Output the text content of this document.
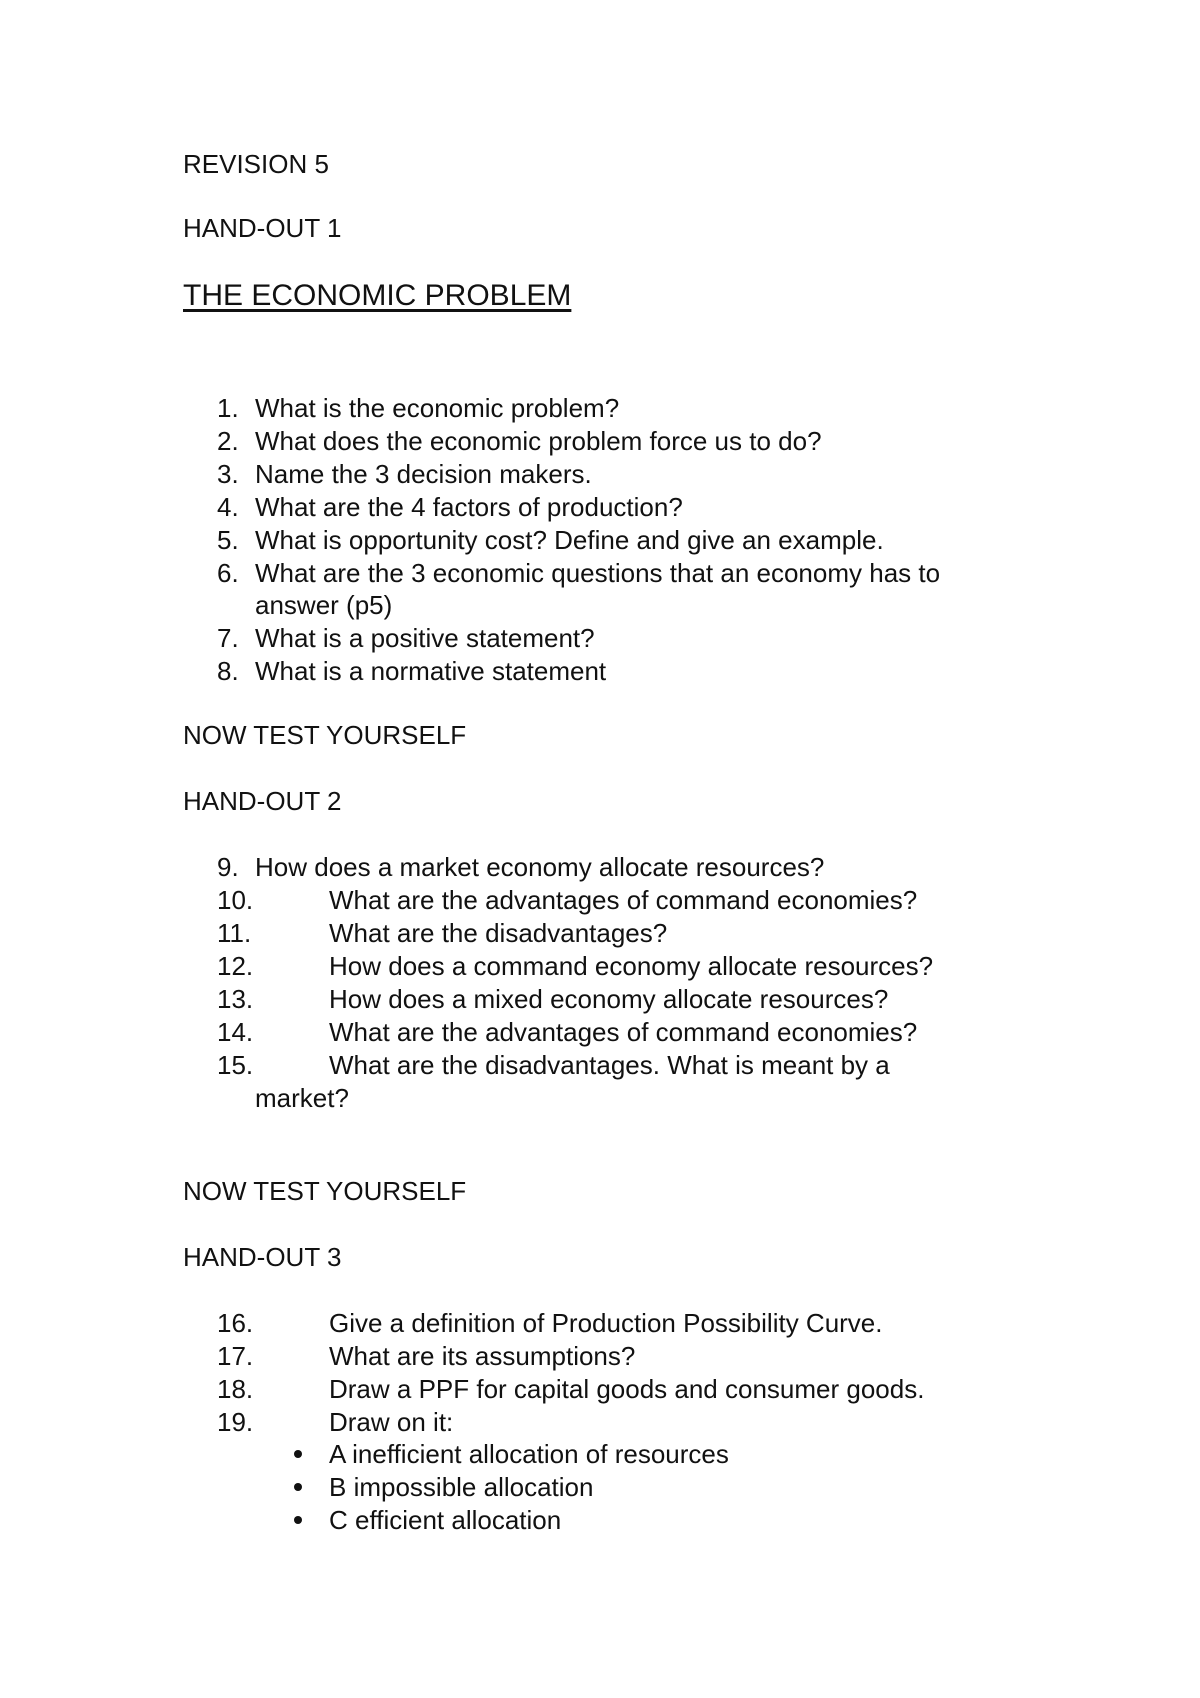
REVISION 5
HAND-OUT 1
THE ECONOMIC PROBLEM
1. What is the economic problem?
2. What does the economic problem force us to do?
3. Name the 3 decision makers.
4. What are the 4 factors of production?
5. What is opportunity cost? Define and give an example.
6. What are the 3 economic questions that an economy has to
answer (p5)
7. What is a positive statement?
8. What is a normative statement
NOW TEST YOURSELF
HAND-OUT 2
9. How does a market economy allocate resources?
10.	What are the advantages of command economies?
11.	What are the disadvantages?
12.	How does a command economy allocate resources?
13.	How does a mixed economy allocate resources?
14.	What are the advantages of command economies?
15.	What are the disadvantages. What is meant by a
market?
NOW TEST YOURSELF
HAND-OUT 3
16.	Give a definition of Production Possibility Curve.
17.	What are its assumptions?
18.	Draw a PPF for capital goods and consumer goods.
19.	Draw on it:
A inefficient allocation of resources
B impossible allocation
C efficient allocation
